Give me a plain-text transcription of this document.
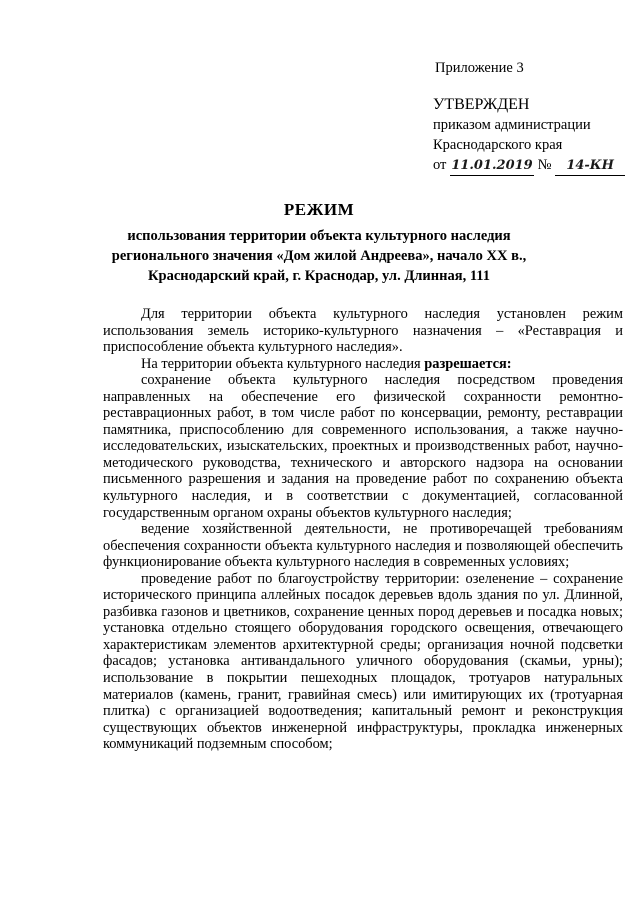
Приложение 3
УТВЕРЖДЕН
приказом администрации
Краснодарского края
от 11.01.2019 № 14-КН
РЕЖИМ
использования территории объекта культурного наследия регионального значения «Дом жилой Андреева», начало XX в., Краснодарский край, г. Краснодар, ул. Длинная, 111

Для территории объекта культурного наследия установлен режим использования земель историко-культурного назначения – «Реставрация и приспособление объекта культурного наследия».

На территории объекта культурного наследия разрешается:

сохранение объекта культурного наследия посредством проведения направленных на обеспечение его физической сохранности ремонтно-реставрационных работ, в том числе работ по консервации, ремонту, реставрации памятника, приспособлению для современного использования, а также научно-исследовательских, изыскательских, проектных и производственных работ, научно-методического руководства, технического и авторского надзора на основании письменного разрешения и задания на проведение работ по сохранению объекта культурного наследия, и в соответствии с документацией, согласованной государственным органом охраны объектов культурного наследия;

ведение хозяйственной деятельности, не противоречащей требованиям обеспечения сохранности объекта культурного наследия и позволяющей обеспечить функционирование объекта культурного наследия в современных условиях;

проведение работ по благоустройству территории: озеленение – сохранение исторического принципа аллейных посадок деревьев вдоль здания по ул. Длинной, разбивка газонов и цветников, сохранение ценных пород деревьев и посадка новых; установка отдельно стоящего оборудования городского освещения, отвечающего характеристикам элементов архитектурной среды; организация ночной подсветки фасадов; установка антивандального уличного оборудования (скамьи, урны); использование в покрытии пешеходных площадок, тротуаров натуральных материалов (камень, гранит, гравийная смесь) или имитирующих их (тротуарная плитка) с организацией водоотведения; капитальный ремонт и реконструкция существующих объектов инженерной инфраструктуры, прокладка инженерных коммуникаций подземным способом;
